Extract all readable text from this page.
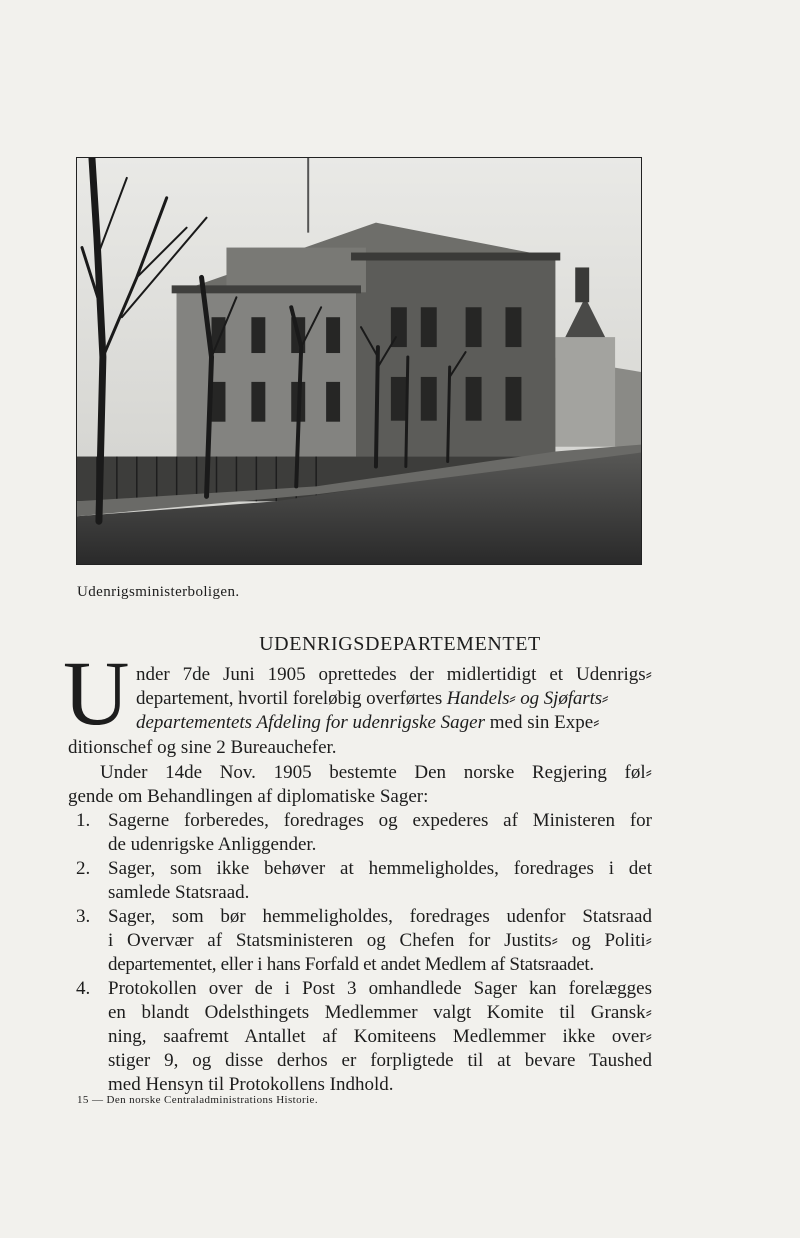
Udenrigsministerboligen.
UDENRIGSDEPARTEMENTET
U nder 7de Juni 1905 oprettedes der midlertidigt et Udenrigs⸗
departement, hvortil foreløbig overførtes Handels⸗ og Sjøfarts⸗
departementets Afdeling for udenrigske Sager med sin Expe⸗
ditionschef og sine 2 Bureauchefer.
Under 14de Nov. 1905 bestemte Den norske Regjering føl⸗
gende om Behandlingen af diplomatiske Sager:
1. Sagerne forberedes, foredrages og expederes af Ministeren for
de udenrigske Anliggender.
2. Sager, som ikke behøver at hemmeligholdes, foredrages i det
samlede Statsraad.
3. Sager, som bør hemmeligholdes, foredrages udenfor Statsraad
i Overvær af Statsministeren og Chefen for Justits⸗ og Politi⸗
departementet, eller i hans Forfald et andet Medlem af Statsraadet.
4. Protokollen over de i Post 3 omhandlede Sager kan forelægges
en blandt Odelsthingets Medlemmer valgt Komite til Gransk⸗
ning, saafremt Antallet af Komiteens Medlemmer ikke over⸗
stiger 9, og disse derhos er forpligtede til at bevare Taushed
med Hensyn til Protokollens Indhold.
15 — Den norske Centraladministrations Historie.
